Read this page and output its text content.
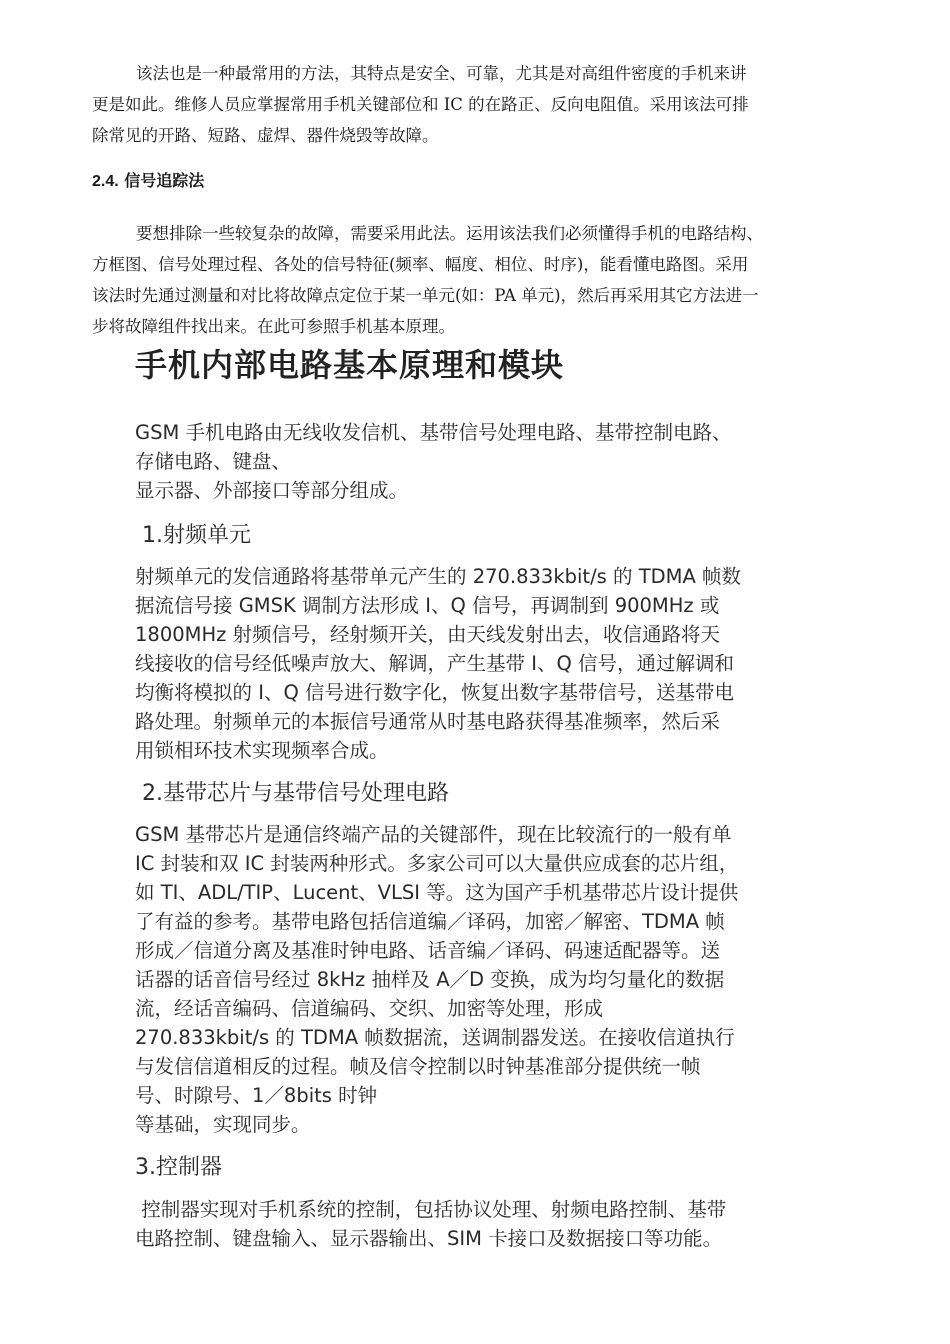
该法也是一种最常用的方法，其特点是安全、可靠，尤其是对高组件密度的手机来讲
更是如此。维修人员应掌握常用手机关键部位和 IC 的在路正、反向电阻值。采用该法可排
除常见的开路、短路、虚焊、器件烧毁等故障。

2.4. 信号追踪法

要想排除一些较复杂的故障，需要采用此法。运用该法我们必须懂得手机的电路结构、
方框图、信号处理过程、各处的信号特征(频率、幅度、相位、时序)，能看懂电路图。采用
该法时先通过测量和对比将故障点定位于某一单元(如：PA 单元)，然后再采用其它方法进一
步将故障组件找出来。在此可参照手机基本原理。

手机内部电路基本原理和模块

GSM 手机电路由无线收发信机、基带信号处理电路、基带控制电路、
存储电路、键盘、
显示器、外部接口等部分组成。

1.射频单元

射频单元的发信通路将基带单元产生的 270.833kbit/s 的 TDMA 帧数
据流信号接 GMSK 调制方法形成 I、Q 信号，再调制到 900MHz 或
1800MHz 射频信号，经射频开关，由天线发射出去，收信通路将天
线接收的信号经低噪声放大、解调，产生基带 I、Q 信号，通过解调和
均衡将模拟的 I、Q 信号进行数字化，恢复出数字基带信号，送基带电
路处理。射频单元的本振信号通常从时基电路获得基准频率，然后采
用锁相环技术实现频率合成。

2.基带芯片与基带信号处理电路

GSM 基带芯片是通信终端产品的关键部件，现在比较流行的一般有单
IC 封装和双 IC 封装两种形式。多家公司可以大量供应成套的芯片组，
如 TI、ADL/TIP、Lucent、VLSI 等。这为国产手机基带芯片设计提供
了有益的参考。基带电路包括信道编／译码，加密／解密、TDMA 帧
形成／信道分离及基准时钟电路、话音编／译码、码速适配器等。送
话器的话音信号经过 8kHz 抽样及 A／D 变换，成为均匀量化的数据
流，经话音编码、信道编码、交织、加密等处理，形成
270.833kbit/s 的 TDMA 帧数据流，送调制器发送。在接收信道执行
与发信信道相反的过程。帧及信令控制以时钟基准部分提供统一帧
号、时隙号、1／8bits 时钟
等基础，实现同步。

3.控制器

控制器实现对手机系统的控制，包括协议处理、射频电路控制、基带
电路控制、键盘输入、显示器输出、SIM 卡接口及数据接口等功能。
